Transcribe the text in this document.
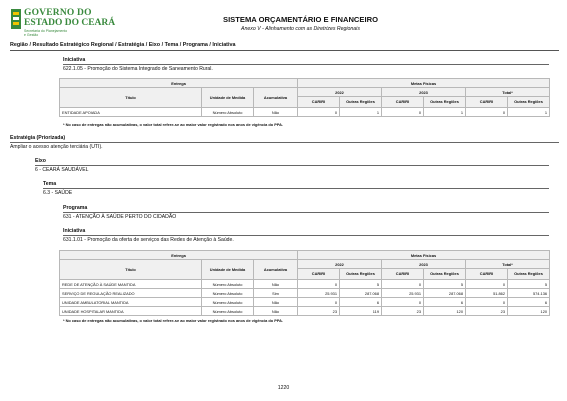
GOVERNO DO
ESTADO DO CEARÁ
Secretaria do Planejamento
e Gestão
SISTEMA ORÇAMENTÁRIO E FINANCEIRO
Anexo V - Alinhamento com as Diretrizes Regionais
Região / Resultado Estratégico Regional / Estratégia / Eixo / Tema / Programa / Iniciativa
Iniciativa
622.1.05 - Promoção do Sistema Integrado de Saneamento Rural.
Entrega			Metas Físicas					
Título	Unidade de Medida	Acumulativa	2022		2023		Total*	
			CARIRI	Outras Regiões	CARIRI	Outras Regiões	CARIRI	Outras Regiões
ENTIDADE APOIADA	Número Absoluto	Não	0	1	0	1	0	1
* No caso de entregas não acumulativas, o valor total refere-se ao maior valor registrado nos anos de vigência do PPA.
Estratégia (Priorizada)
Ampliar o acesso atenção terciária (UTI).
Eixo
6 - CEARÁ SAUDÁVEL
Tema
6.3 - SAÚDE
Programa
631 - ATENÇÃO À SAÚDE PERTO DO CIDADÃO
Iniciativa
631.1.01 - Promoção da oferta de serviços das Redes de Atenção à Saúde.
Entrega			Metas Físicas					
Título	Unidade de Medida	Acumulativa	2022		2023		Total*	
			CARIRI	Outras Regiões	CARIRI	Outras Regiões	CARIRI	Outras Regiões
REDE DE ATENÇÃO À SAÚDE MANTIDA	Número Absoluto	Não	0	5	0	5	0	5
SERVIÇO DE REGULAÇÃO REALIZADO	Número Absoluto	Sim	25.931	287.068	25.931	287.068	51.862	574.136
UNIDADE AMBULATORIAL MANTIDA	Número Absoluto	Não	0	6	0	6	0	6
UNIDADE HOSPITALAR MANTIDA	Número Absoluto	Não	23	119	23	120	23	120
* No caso de entregas não acumulativas, o valor total refere-se ao maior valor registrado nos anos de vigência do PPA.
1220
